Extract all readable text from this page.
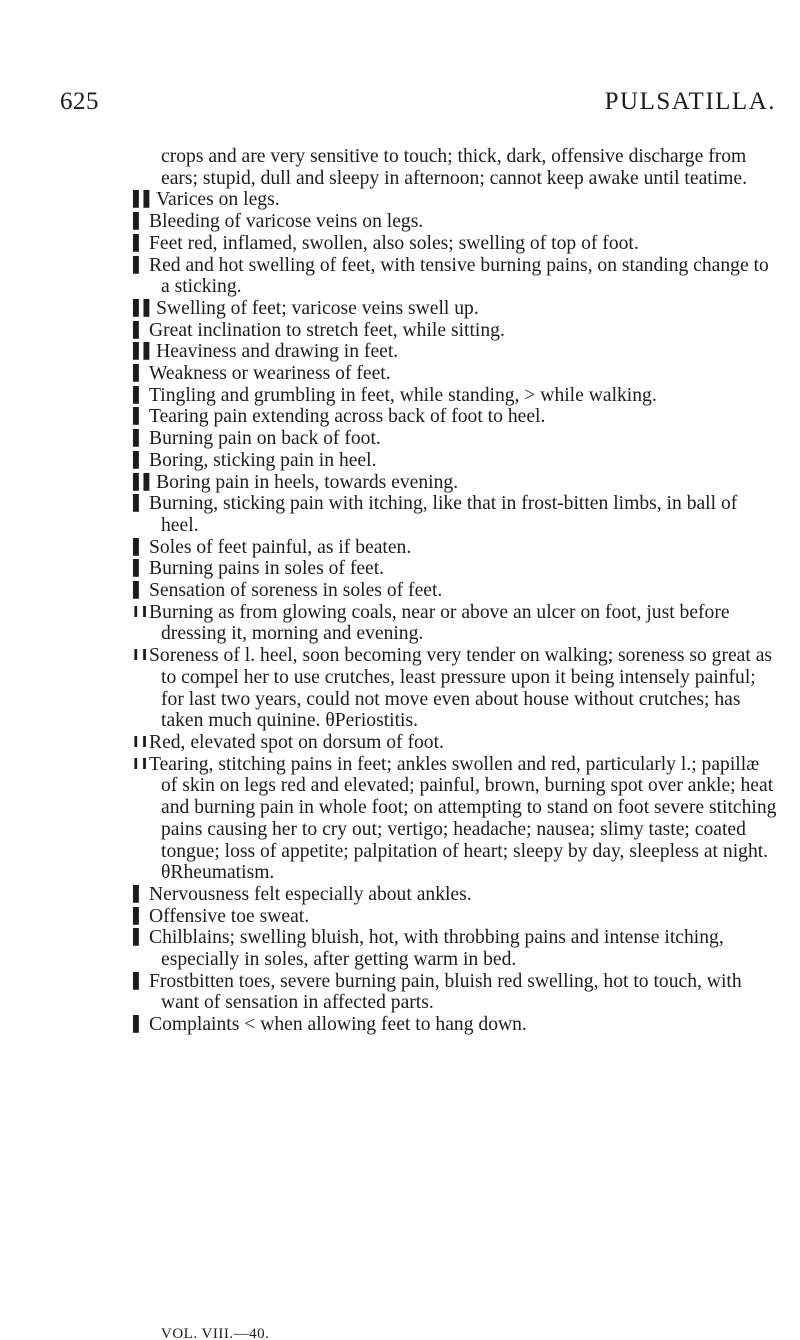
625	PULSATILLA.

crops and are very sensitive to touch; thick, dark, offensive discharge from ears; stupid, dull and sleepy in afternoon; cannot keep awake until teatime.

▌▌ Varices on legs.

▌ Bleeding of varicose veins on legs.

▌ Feet red, inflamed, swollen, also soles; swelling of top of foot.

▌ Red and hot swelling of feet, with tensive burning pains, on standing change to a sticking.

▌▌ Swelling of feet; varicose veins swell up.

▌ Great inclination to stretch feet, while sitting.

▌▌ Heaviness and drawing in feet.

▌ Weakness or weariness of feet.

▌ Tingling and grumbling in feet, while standing, > while walking.

▌ Tearing pain extending across back of foot to heel.

▌ Burning pain on back of foot.

▌ Boring, sticking pain in heel.

▌▌ Boring pain in heels, towards evening.

▌ Burning, sticking pain with itching, like that in frost-bitten limbs, in ball of heel.

▌ Soles of feet painful, as if beaten.

▌ Burning pains in soles of feet.

▌ Sensation of soreness in soles of feet.

I I Burning as from glowing coals, near or above an ulcer on foot, just before dressing it, morning and evening.

I I Soreness of l. heel, soon becoming very tender on walking; soreness so great as to compel her to use crutches, least pressure upon it being intensely painful; for last two years, could not move even about house without crutches; has taken much quinine. θPeriostitis.

I I Red, elevated spot on dorsum of foot.

I I Tearing, stitching pains in feet; ankles swollen and red, particularly l.; papillæ of skin on legs red and elevated; painful, brown, burning spot over ankle; heat and burning pain in whole foot; on attempting to stand on foot severe stitching pains causing her to cry out; vertigo; headache; nausea; slimy taste; coated tongue; loss of appetite; palpitation of heart; sleepy by day, sleepless at night. θRheumatism.

▌ Nervousness felt especially about ankles.

▌ Offensive toe sweat.

▌ Chilblains; swelling bluish, hot, with throbbing pains and intense itching, especially in soles, after getting warm in bed.

▌ Frostbitten toes, severe burning pain, bluish red swelling, hot to touch, with want of sensation in affected parts.

▌ Complaints < when allowing feet to hang down.

VOL. VIII.—40.
